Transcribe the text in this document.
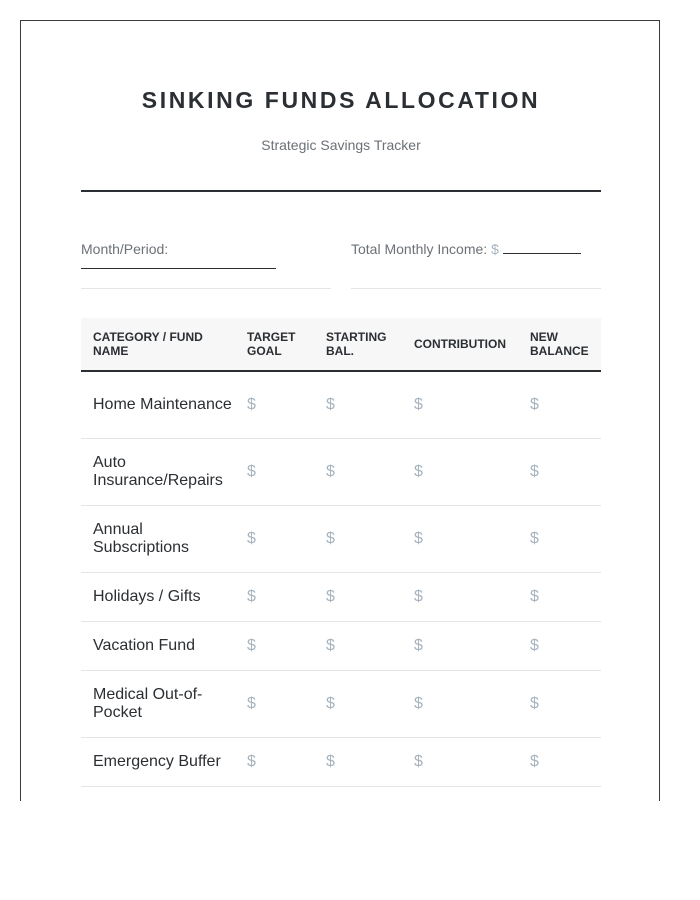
SINKING FUNDS ALLOCATION
Strategic Savings Tracker
Month/Period:	Total Monthly Income: $
CATEGORY / FUND NAME	TARGET GOAL	STARTING BAL.	CONTRIBUTION	NEW BALANCE
Home Maintenance	$	$	$	$
Auto Insurance/Repairs	$	$	$	$
Annual Subscriptions	$	$	$	$
Holidays / Gifts	$	$	$	$
Vacation Fund	$	$	$	$
Medical Out-of-Pocket	$	$	$	$
Emergency Buffer	$	$	$	$
